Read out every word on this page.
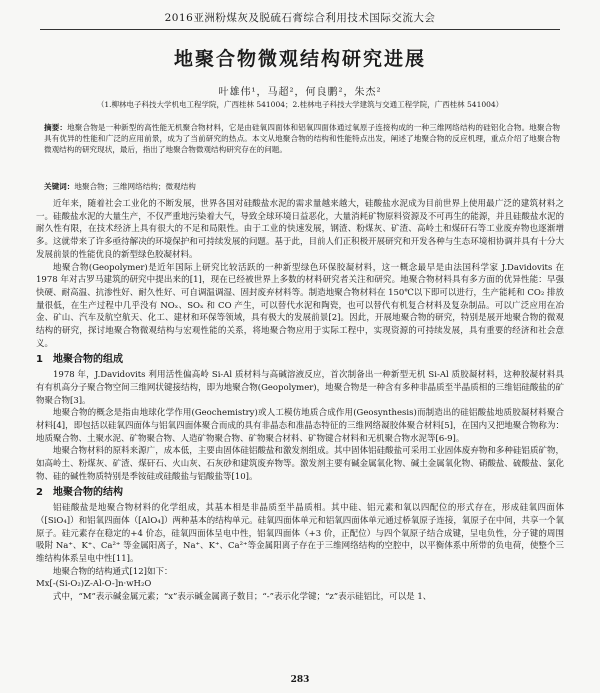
2016亚洲粉煤灰及脱硫石膏综合利用技术国际交流大会
地聚合物微观结构研究进展
叶雄伟¹，马超²，何良鹏²，朱杰²
（1.柳林电子科技大学机电工程学院，广西桂林 541004；2.桂林电子科技大学建筑与交通工程学院，广西桂林 541004）
摘要：地聚合物是一种新型的高性能无机聚合物材料，它是由硅氧四面体和铝氧四面体通过氧原子连接构成的一种三维网络结构的硅铝化合物。地聚合物具有优异的性能和广泛的应用前景，成为了当前研究的热点。本文从地聚合物的结构和性能特点出发，阐述了地聚合物的反应机理，重点介绍了地聚合物微观结构的研究现状，最后，指出了地聚合物微观结构研究存在的问题。
关键词：地聚合物；三维网络结构；微观结构

近年来，随着社会工业化的不断发展，世界各国对硅酸盐水泥的需求量越来越大，硅酸盐水泥成为目前世界上使用最广泛的建筑材料之一。硅酸盐水泥的大量生产，不仅严重地污染着大气，导致全球环境日益恶化，大量消耗矿物原料资源及不可再生的能源，并且硅酸盐水泥的耐久性有限，在技术经济上具有很大的不足和局限性。由于工业的快速发展，钢渣、粉煤灰、矿渣、高岭土和煤矸石等工业废弃物也逐渐增多。这就带来了许多亟待解决的环境保护和可持续发展的问题。基于此，目前人们正积极开展研究和开发各种与生态环境相协调并具有十分大发展前景的性能优良的新型绿色胶凝材料。

地聚合物(Geopolymer)是近年国际上研究比较活跃的一种新型绿色环保胶凝材料，这一概念最早是由法国科学家 J.Davidovits 在 1978 年对古罗马建筑的研究中提出来的[1]，现在已经被世界上多数的材料研究者关注和研究。地聚合物材料具有多方面的优异性能：早强快硬、耐高温、抗渗性好、耐久性好、可自调温调湿、固封废弃材料等。制造地聚合物材料在 150℃以下即可以进行，生产能耗和 CO₂ 排放量很低，在生产过程中几乎没有 NOₓ、SOₓ 和 CO 产生，可以替代水泥和陶瓷，也可以替代有机复合材料及复杂制品。可以广泛应用在冶金、矿山、汽车及航空航天、化工、建材和环保等领域，具有极大的发展前景[2]。因此，开展地聚合物的研究，特别是展开地聚合物的微观结构的研究，探讨地聚合物微观结构与宏观性能的关系，将地聚合物应用于实际工程中，实现资源的可持续发展，具有重要的经济和社会意义。

1　地聚合物的组成

1978 年，J.Davidovits 利用活性偏高岭 Si-Al 质材料与高碱溶液反应，首次制备出一种新型无机 Si-Al 质胶凝材料，这种胶凝材料具有有机高分子聚合物空间三维网状键接结构，即为地聚合物(Geopolymer)，地聚合物是一种含有多种非晶质至半晶质相的三维铝硅酸盐的矿物聚合物[3]。

地聚合物的概念是指由地球化学作用(Geochemistry)或人工模仿地质合成作用(Geosynthesis)而制造出的硅铝酸盐地质胶凝材料聚合材料[4]，即包括以硅氧四面体与铝氧四面体聚合而成的具有非晶态和准晶态特征的三维网络凝胶体聚合材料[5]，在国内又把地聚合物称为：地质聚合物、土聚水泥、矿物聚合物、人造矿物聚合物、矿物聚合材料、矿物键合材料和无机聚合物水泥等[6-9]。

地聚合物材料的原料来源广，成本低，主要由固体硅铝酸盐和激发剂组成。其中固体铝硅酸盐可采用工业固体废弃物和多种硅铝质矿物，如高岭土、粉煤灰、矿渣、煤矸石、火山灰、石灰砂和建筑废弃物等。激发剂主要有碱金属氧化物、碱土金属氧化物、硝酸盐、硫酸盐、氯化物、硅的碱性物质特别是季铵硅或硅酸盐与铝酸盐等[10]。

2　地聚合物的结构

铝硅酸盐是地聚合物材料的化学组成，其基本相是非晶质至半晶质相。其中硅、铝元素和氧以四配位的形式存在，形成硅氧四面体（[SiO₄]）和铝氧四面体（[AlO₄]）两种基本的结构单元。硅氧四面体单元和铝氧四面体单元通过桥氧原子连接，氧原子在中间，共享一个氧原子。硅元素存在稳定的+4 价态，硅氧四面体呈电中性，铝氧四面体（+3 价，正配位）与四个氧原子结合成键，呈电负性，分子键的周围吸附 Na⁺、K⁺、Ca²⁺ 等金属阳离子，Na⁺、K⁺、Ca²⁺等金属阳离子存在于三维网络结构的空腔中，以平衡体系中所带的负电荷，使整个三维结构体系呈电中性[11]。

地聚合物的结构通式[12]如下：

Mx[-(Si-O₂)Z-Al-O-]n·wH₂O

式中，“M”表示碱金属元素；“x”表示碱金属离子数目；“-”表示化学键；“z”表示硅铝比，可以是 1、

283
